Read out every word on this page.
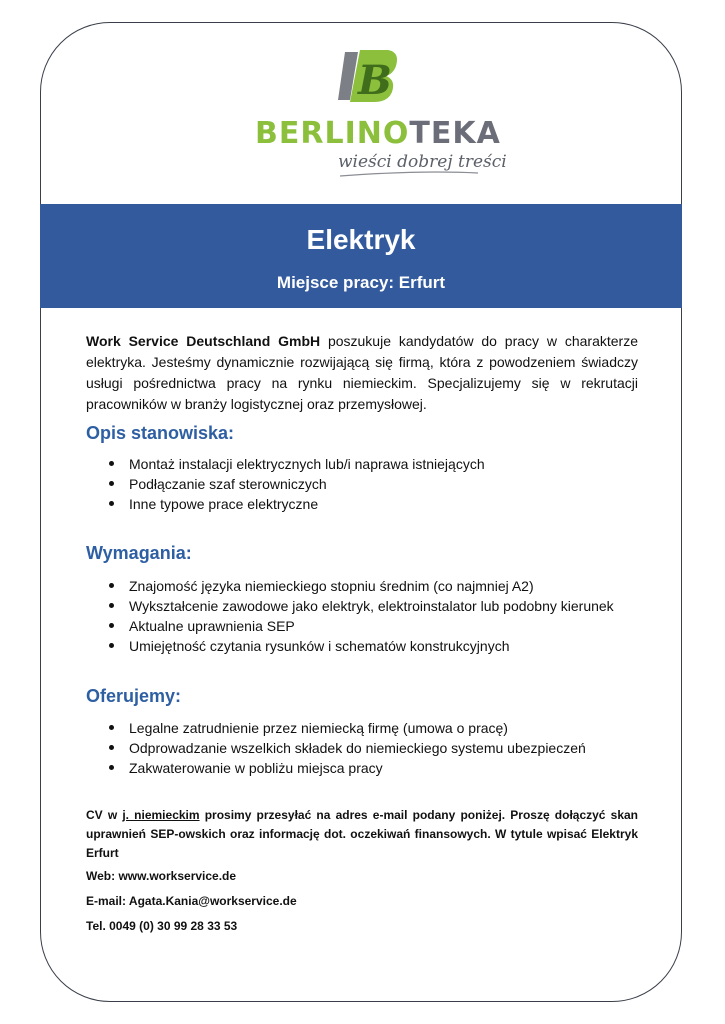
B
BERLINOTEKA
wieści dobrej treści
Elektryk
Miejsce pracy: Erfurt
Work Service Deutschland GmbH poszukuje kandydatów do pracy w charakterze elektryka. Jesteśmy dynamicznie rozwijającą się firmą, która z powodzeniem świadczy usługi pośrednictwa pracy na rynku niemieckim. Specjalizujemy się w rekrutacji pracowników w branży logistycznej oraz przemysłowej.
Opis stanowiska:
Montaż instalacji elektrycznych lub/i naprawa istniejących
Podłączanie szaf sterowniczych
Inne typowe prace elektryczne
Wymagania:
Znajomość języka niemieckiego stopniu średnim (co najmniej A2)
Wykształcenie zawodowe jako elektryk, elektroinstalator lub podobny kierunek
Aktualne uprawnienia SEP
Umiejętność czytania rysunków i schematów konstrukcyjnych
Oferujemy:
Legalne zatrudnienie przez niemiecką firmę (umowa o pracę)
Odprowadzanie wszelkich składek do niemieckiego systemu ubezpieczeń
Zakwaterowanie w pobliżu miejsca pracy
CV w j. niemieckim prosimy przesyłać na adres e-mail podany poniżej. Proszę dołączyć skan uprawnień SEP-owskich oraz informację dot. oczekiwań finansowych. W tytule wpisać Elektryk Erfurt
Web: www.workservice.de
E-mail: Agata.Kania@workservice.de
Tel. 0049 (0) 30 99 28 33 53
